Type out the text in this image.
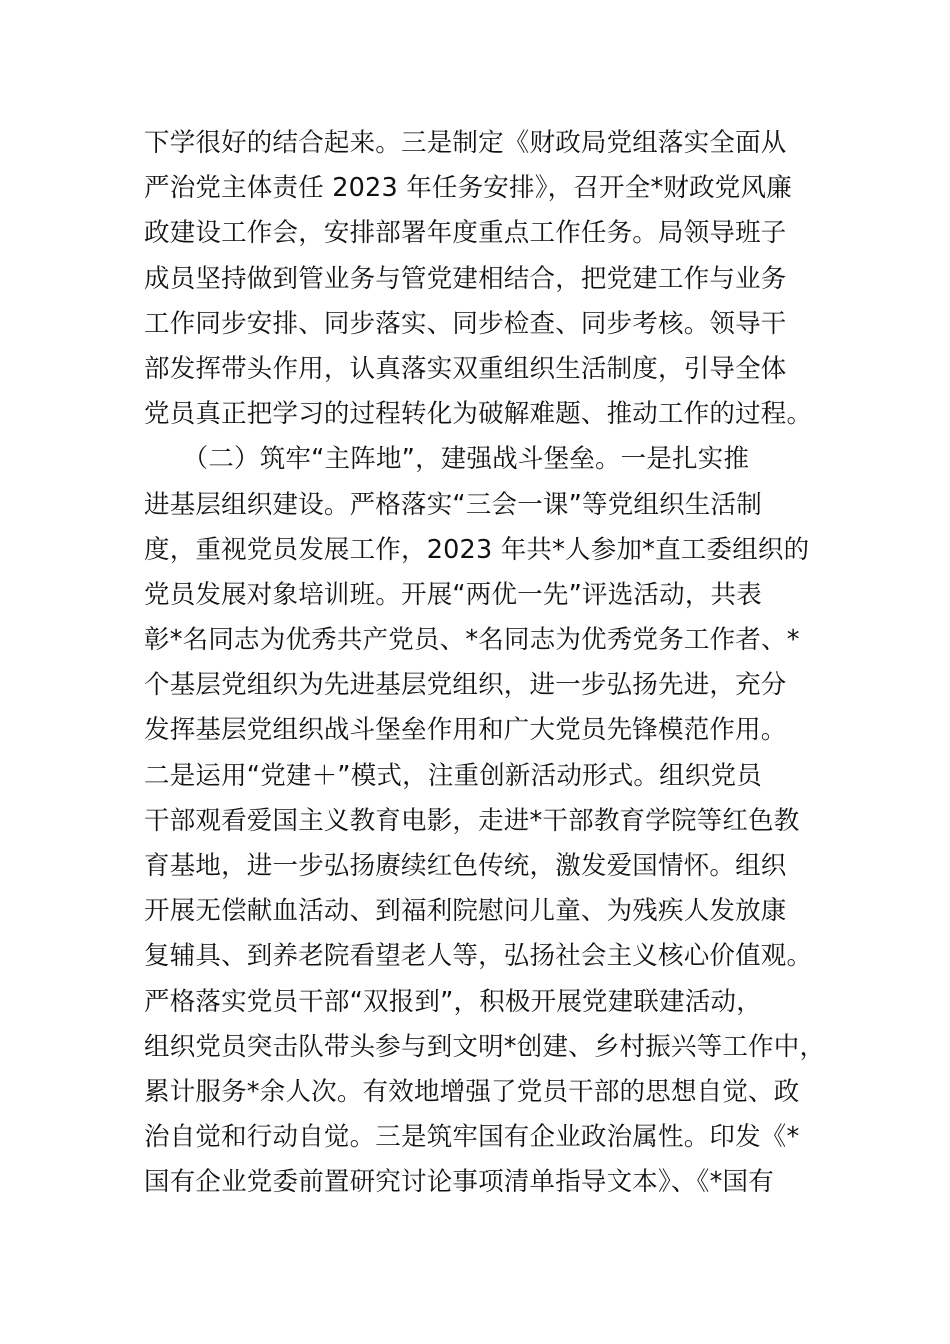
下学很好的结合起来。三是制定《财政局党组落实全面从
严治党主体责任 2023 年任务安排》，召开全*财政党风廉
政建设工作会，安排部署年度重点工作任务。局领导班子
成员坚持做到管业务与管党建相结合，把党建工作与业务
工作同步安排、同步落实、同步检查、同步考核。领导干
部发挥带头作用，认真落实双重组织生活制度，引导全体
党员真正把学习的过程转化为破解难题、推动工作的过程。
　　（二）筑牢“主阵地”，建强战斗堡垒。一是扎实推
进基层组织建设。严格落实“三会一课”等党组织生活制
度，重视党员发展工作，2023 年共*人参加*直工委组织的
党员发展对象培训班。开展“两优一先”评选活动，共表
彰*名同志为优秀共产党员、*名同志为优秀党务工作者、*
个基层党组织为先进基层党组织，进一步弘扬先进，充分
发挥基层党组织战斗堡垒作用和广大党员先锋模范作用。
二是运用“党建＋”模式，注重创新活动形式。组织党员
干部观看爱国主义教育电影，走进*干部教育学院等红色教
育基地，进一步弘扬赓续红色传统，激发爱国情怀。组织
开展无偿献血活动、到福利院慰问儿童、为残疾人发放康
复辅具、到养老院看望老人等，弘扬社会主义核心价值观。
严格落实党员干部“双报到”，积极开展党建联建活动，
组织党员突击队带头参与到文明*创建、乡村振兴等工作中，
累计服务*余人次。有效地增强了党员干部的思想自觉、政
治自觉和行动自觉。三是筑牢国有企业政治属性。印发《*
国有企业党委前置研究讨论事项清单指导文本》、《*国有
